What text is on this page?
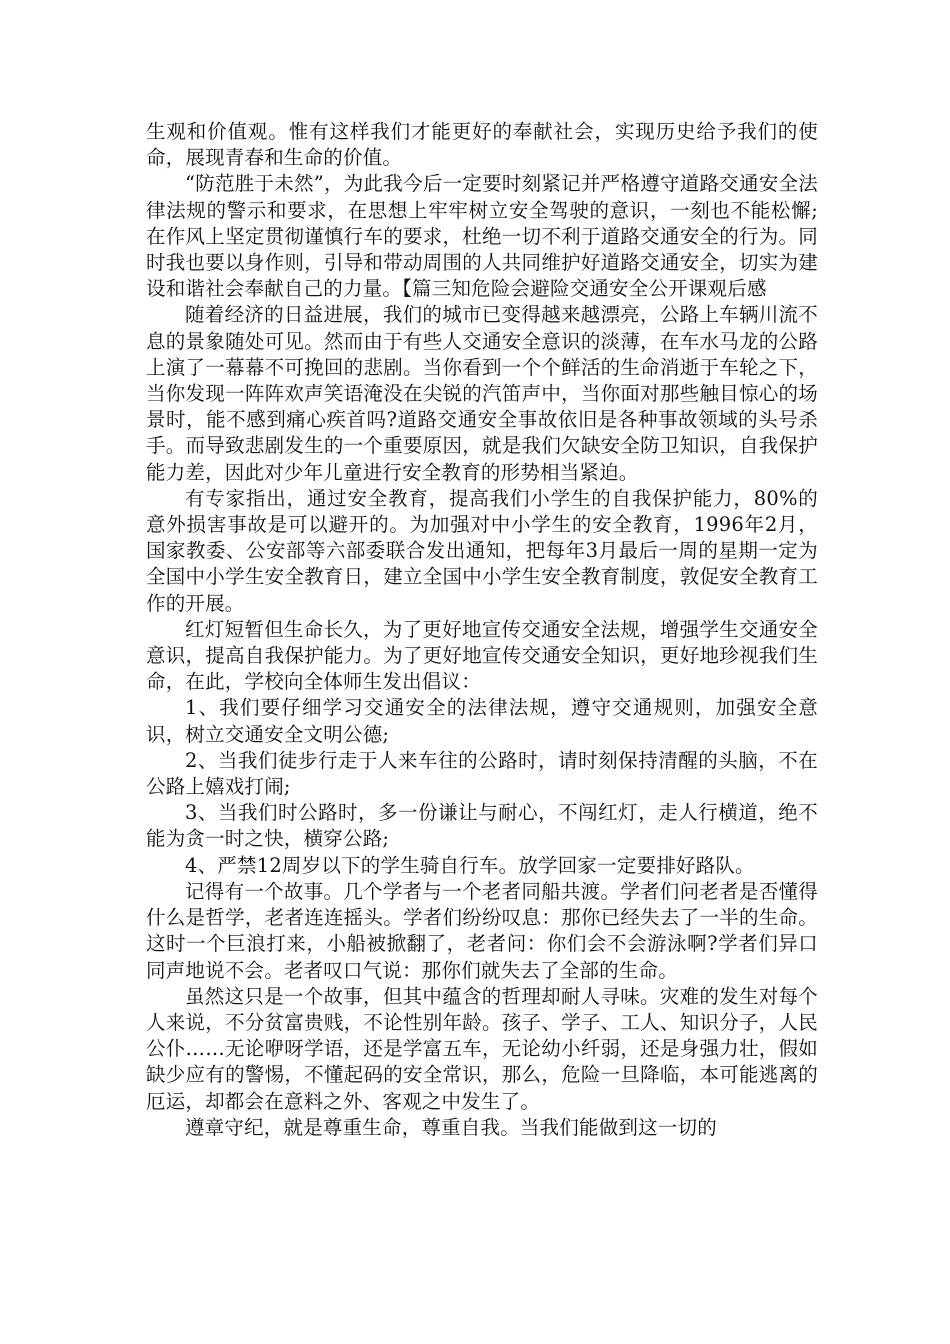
生观和价值观。惟有这样我们才能更好的奉献社会，实现历史给予我们的使命，展现青春和生命的价值。

“防范胜于未然”，为此我今后一定要时刻紧记并严格遵守道路交通安全法律法规的警示和要求，在思想上牢牢树立安全驾驶的意识，一刻也不能松懈;在作风上坚定贯彻谨慎行车的要求，杜绝一切不利于道路交通安全的行为。同时我也要以身作则，引导和带动周围的人共同维护好道路交通安全，切实为建设和谐社会奉献自己的力量。【篇三知危险会避险交通安全公开课观后感

随着经济的日益进展，我们的城市已变得越来越漂亮，公路上车辆川流不息的景象随处可见。然而由于有些人交通安全意识的淡薄，在车水马龙的公路上演了一幕幕不可挽回的悲剧。当你看到一个个鲜活的生命消逝于车轮之下，当你发现一阵阵欢声笑语淹没在尖锐的汽笛声中，当你面对那些触目惊心的场景时，能不感到痛心疾首吗?道路交通安全事故依旧是各种事故领域的头号杀手。而导致悲剧发生的一个重要原因，就是我们欠缺安全防卫知识，自我保护能力差，因此对少年儿童进行安全教育的形势相当紧迫。

有专家指出，通过安全教育，提高我们小学生的自我保护能力，80%的意外损害事故是可以避开的。为加强对中小学生的安全教育，1996年2月，国家教委、公安部等六部委联合发出通知，把每年3月最后一周的星期一定为全国中小学生安全教育日，建立全国中小学生安全教育制度，敦促安全教育工作的开展。

红灯短暂但生命长久，为了更好地宣传交通安全法规，增强学生交通安全意识，提高自我保护能力。为了更好地宣传交通安全知识，更好地珍视我们生命，在此，学校向全体师生发出倡议：

1、我们要仔细学习交通安全的法律法规，遵守交通规则，加强安全意识，树立交通安全文明公德;

2、当我们徒步行走于人来车往的公路时，请时刻保持清醒的头脑，不在公路上嬉戏打闹;

3、当我们时公路时，多一份谦让与耐心，不闯红灯，走人行横道，绝不能为贪一时之快，横穿公路;

4、严禁12周岁以下的学生骑自行车。放学回家一定要排好路队。

记得有一个故事。几个学者与一个老者同船共渡。学者们问老者是否懂得什么是哲学，老者连连摇头。学者们纷纷叹息：那你已经失去了一半的生命。这时一个巨浪打来，小船被掀翻了，老者问：你们会不会游泳啊?学者们异口同声地说不会。老者叹口气说：那你们就失去了全部的生命。

虽然这只是一个故事，但其中蕴含的哲理却耐人寻味。灾难的发生对每个人来说，不分贫富贵贱，不论性别年龄。孩子、学子、工人、知识分子，人民公仆……无论咿呀学语，还是学富五车，无论幼小纤弱，还是身强力壮，假如缺少应有的警惕，不懂起码的安全常识，那么，危险一旦降临，本可能逃离的厄运，却都会在意料之外、客观之中发生了。

遵章守纪，就是尊重生命，尊重自我。当我们能做到这一切的
